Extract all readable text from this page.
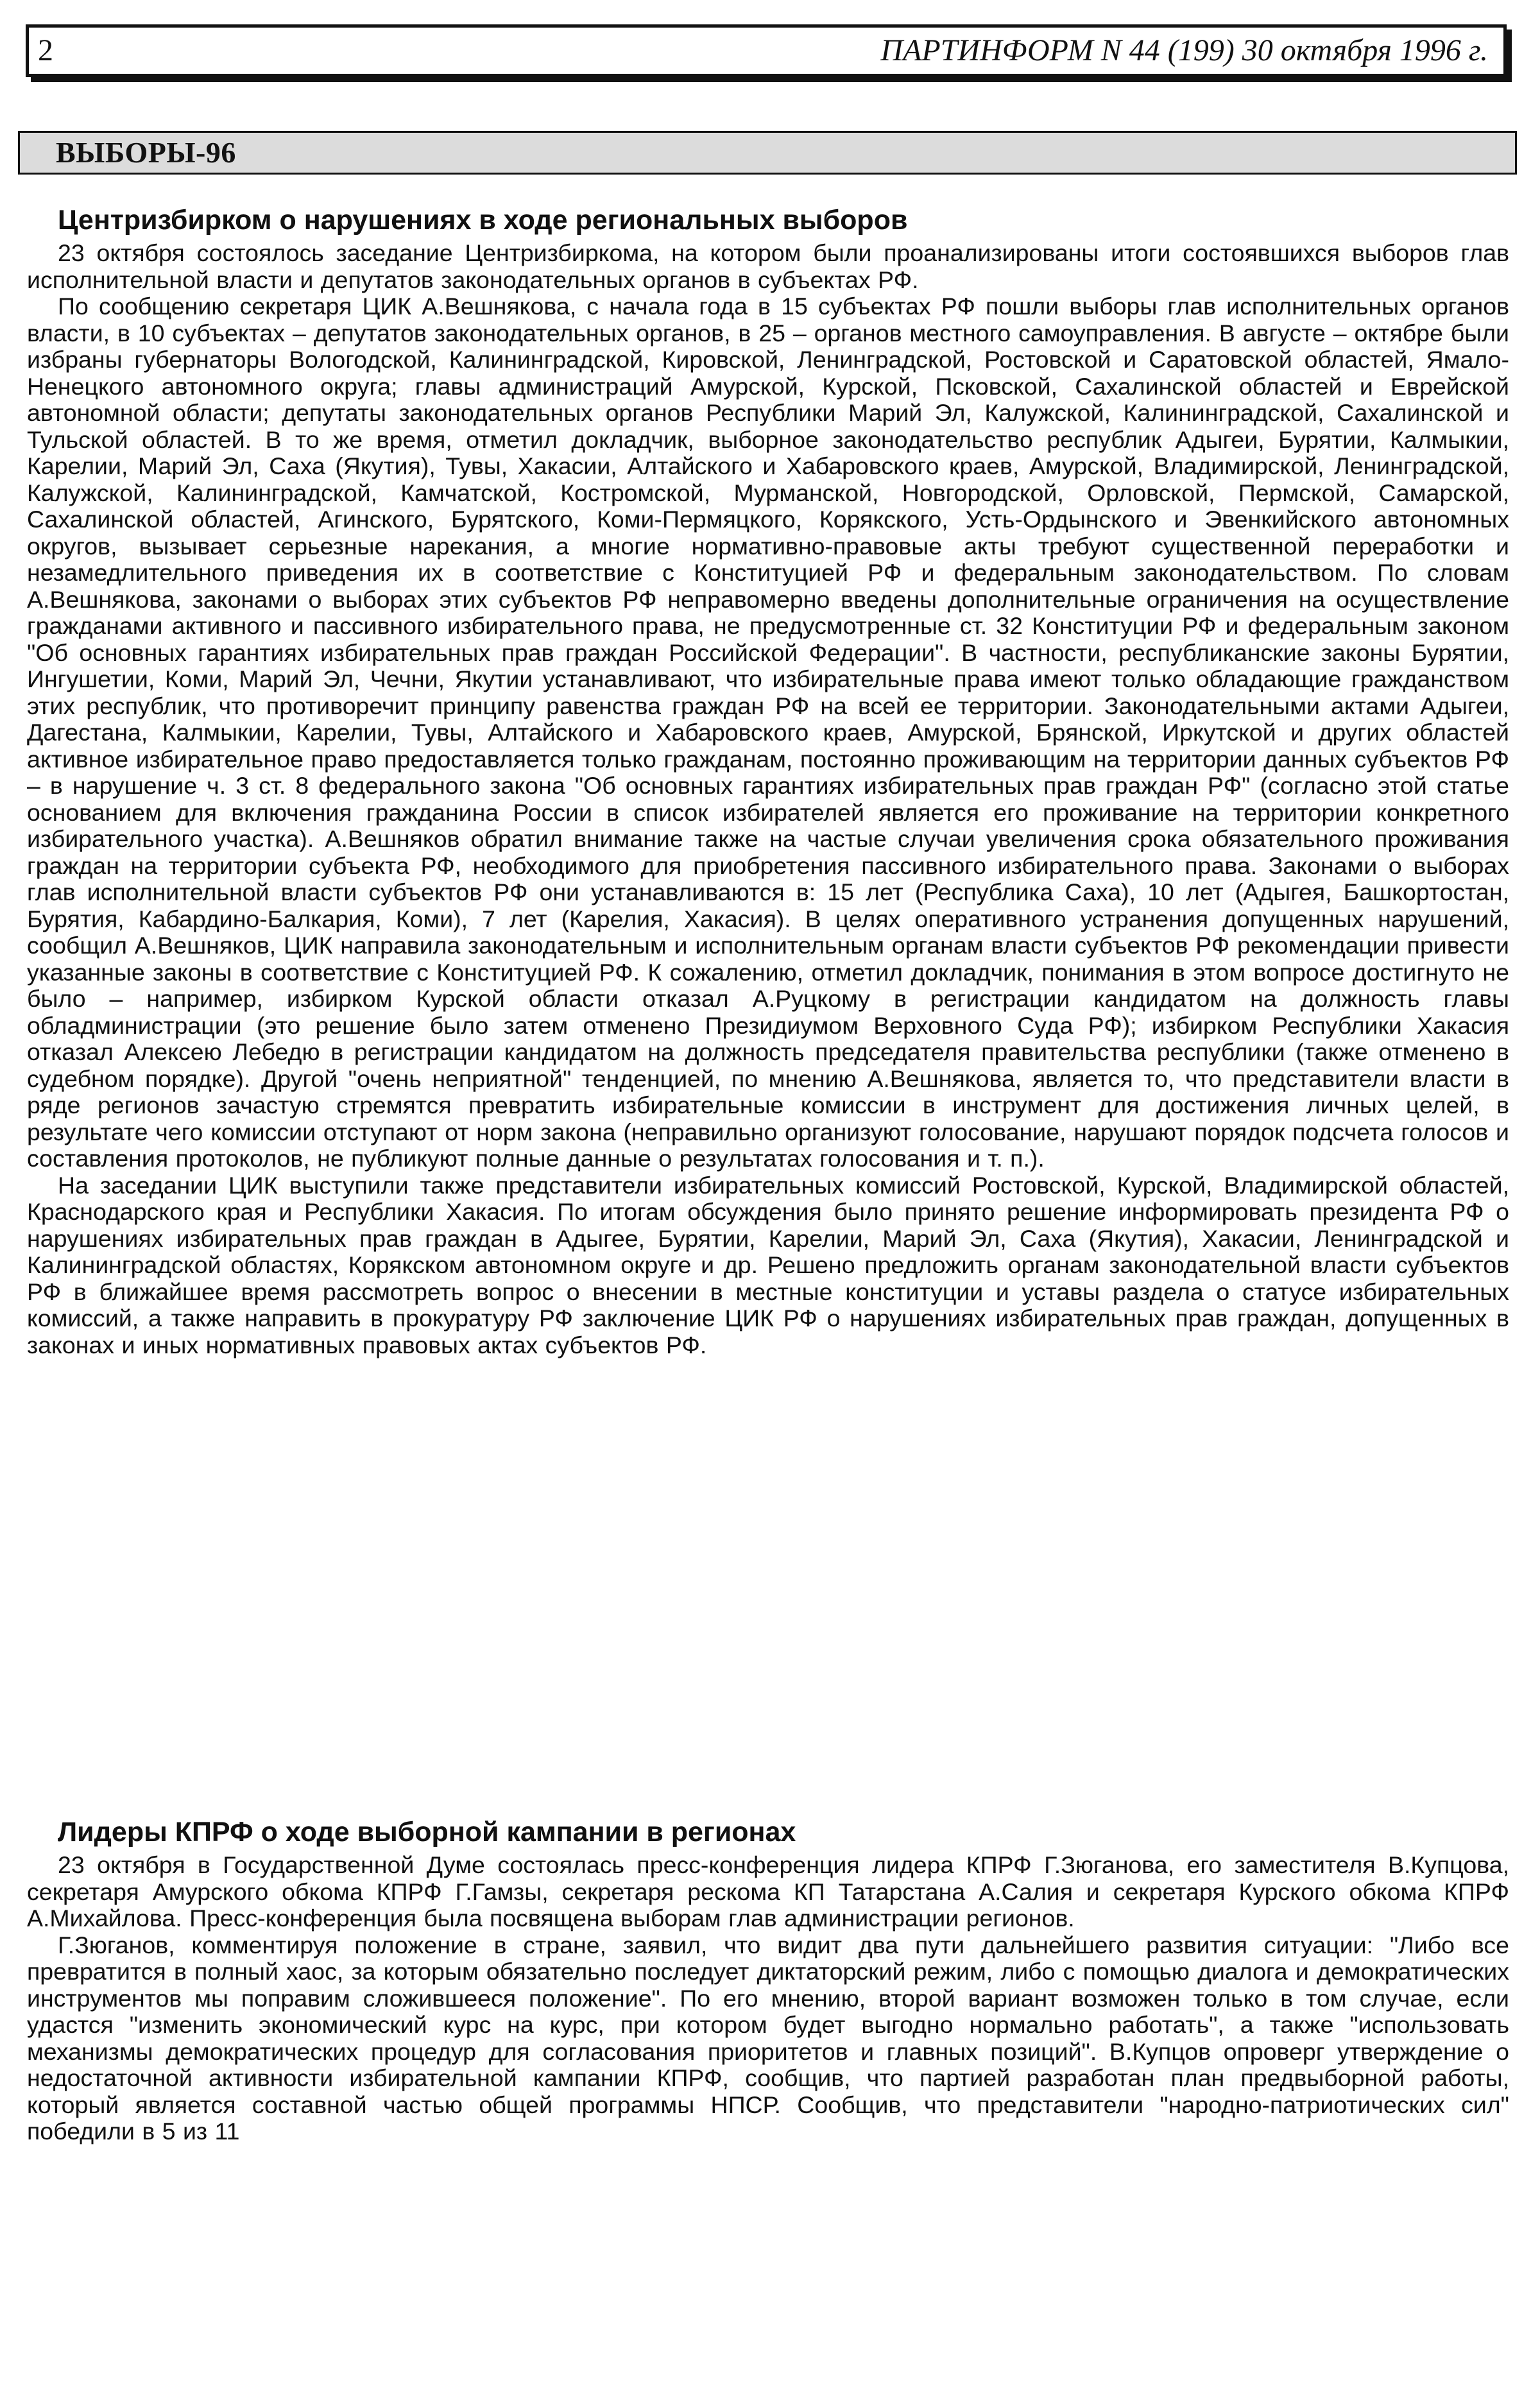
2	ПАРТИНФОРМ N 44 (199) 30 октября 1996 г.
ВЫБОРЫ-96
Центризбирком о нарушениях в ходе региональных выборов

23 октября состоялось заседание Центризбиркома, на котором были проанализированы итоги состоявшихся выборов глав исполнительной власти и депутатов законодательных органов в субъектах РФ.

По сообщению секретаря ЦИК А.Вешнякова, с начала года в 15 субъектах РФ пошли выборы глав исполнительных органов власти, в 10 субъектах – депутатов законодательных органов, в 25 – органов местного самоуправления. В августе – октябре были избраны губернаторы Вологодской, Калининградской, Кировской, Ленинградской, Ростовской и Саратовской областей, Ямало-Ненецкого автономного округа; главы администраций Амурской, Курской, Псковской, Сахалинской областей и Еврейской автономной области; депутаты законодательных органов Республики Марий Эл, Калужской, Калининградской, Сахалинской и Тульской областей. В то же время, отметил докладчик, выборное законодательство республик Адыгеи, Бурятии, Калмыкии, Карелии, Марий Эл, Саха (Якутия), Тувы, Хакасии, Алтайского и Хабаровского краев, Амурской, Владимирской, Ленинградской, Калужской, Калининградской, Камчатской, Костромской, Мурманской, Новгородской, Орловской, Пермской, Самарской, Сахалинской областей, Агинского, Бурятского, Коми-Пермяцкого, Корякского, Усть-Ордынского и Эвенкийского автономных округов, вызывает серьезные нарекания, а многие нормативно-правовые акты требуют существенной переработки и незамедлительного приведения их в соответствие с Конституцией РФ и федеральным законодательством. По словам А.Вешнякова, законами о выборах этих субъектов РФ неправомерно введены дополнительные ограничения на осуществление гражданами активного и пассивного избирательного права, не предусмотренные ст. 32 Конституции РФ и федеральным законом "Об основных гарантиях избирательных прав граждан Российской Федерации". В частности, республиканские законы Бурятии, Ингушетии, Коми, Марий Эл, Чечни, Якутии устанавливают, что избирательные права имеют только обладающие гражданством этих республик, что противоречит принципу равенства граждан РФ на всей ее территории. Законодательными актами Адыгеи, Дагестана, Калмыкии, Карелии, Тувы, Алтайского и Хабаровского краев, Амурской, Брянской, Иркутской и других областей активное избирательное право предоставляется только гражданам, постоянно проживающим на территории данных субъектов РФ – в нарушение ч. 3 ст. 8 федерального закона "Об основных гарантиях избирательных прав граждан РФ" (согласно этой статье основанием для включения гражданина России в список избирателей является его проживание на территории конкретного избирательного участка). А.Вешняков обратил внимание также на частые случаи увеличения срока обязательного проживания граждан на территории субъекта РФ, необходимого для приобретения пассивного избирательного права. Законами о выборах глав исполнительной власти субъектов РФ они устанавливаются в: 15 лет (Республика Саха), 10 лет (Адыгея, Башкортостан, Бурятия, Кабардино-Балкария, Коми), 7 лет (Карелия, Хакасия). В целях оперативного устранения допущенных нарушений, сообщил А.Вешняков, ЦИК направила законодательным и исполнительным органам власти субъектов РФ рекомендации привести указанные законы в соответствие с Конституцией РФ. К сожалению, отметил докладчик, понимания в этом вопросе достигнуто не было – например, избирком Курской области отказал А.Руцкому в регистрации кандидатом на должность главы обладминистрации (это решение было затем отменено Президиумом Верховного Суда РФ); избирком Республики Хакасия отказал Алексею Лебедю в регистрации кандидатом на должность председателя правительства республики (также отменено в судебном порядке). Другой "очень неприятной" тенденцией, по мнению А.Вешнякова, является то, что представители власти в ряде регионов зачастую стремятся превратить избирательные комиссии в инструмент для достижения личных целей, в результате чего комиссии отступают от норм закона (неправильно организуют голосование, нарушают порядок подсчета голосов и составления протоколов, не публикуют полные данные о результатах голосования и т. п.).

На заседании ЦИК выступили также представители избирательных комиссий Ростовской, Курской, Владимирской областей, Краснодарского края и Республики Хакасия. По итогам обсуждения было принято решение информировать президента РФ о нарушениях избирательных прав граждан в Адыгее, Бурятии, Карелии, Марий Эл, Саха (Якутия), Хакасии, Ленинградской и Калининградской областях, Корякском автономном округе и др. Решено предложить органам законодательной власти субъектов РФ в ближайшее время рассмотреть вопрос о внесении в местные конституции и уставы раздела о статусе избирательных комиссий, а также направить в прокуратуру РФ заключение ЦИК РФ о нарушениях избирательных прав граждан, допущенных в законах и иных нормативных правовых актах субъектов РФ.

Лидеры КПРФ о ходе выборной кампании в регионах

23 октября в Государственной Думе состоялась пресс-конференция лидера КПРФ Г.Зюганова, его заместителя В.Купцова, секретаря Амурского обкома КПРФ Г.Гамзы, секретаря рескома КП Татарстана А.Салия и секретаря Курского обкома КПРФ А.Михайлова. Пресс-конференция была посвящена выборам глав администрации регионов.

Г.Зюганов, комментируя положение в стране, заявил, что видит два пути дальнейшего развития ситуации: "Либо все превратится в полный хаос, за которым обязательно последует диктаторский режим, либо с помощью диалога и демократических инструментов мы поправим сложившееся положение". По его мнению, второй вариант возможен только в том случае, если удастся "изменить экономический курс на курс, при котором будет выгодно нормально работать", а также "использовать механизмы демократических процедур для согласования приоритетов и главных позиций". В.Купцов опроверг утверждение о недостаточной активности избирательной кампании КПРФ, сообщив, что партией разработан план предвыборной работы, который является составной частью общей программы НПСР. Сообщив, что представители "народно-патриотических сил" победили в 5 из 11
